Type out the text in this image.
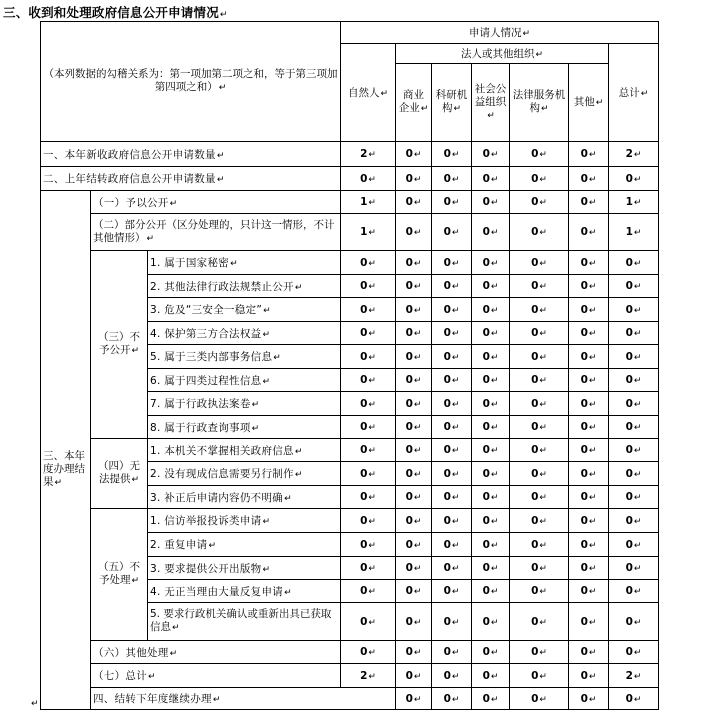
三、收到和处理政府信息公开申请情况↵
（本列数据的勾稽关系为：第一项加第二项之和，等于第三项加第四项之和）↵			申请人情况↵							
			自然人↵	法人或其他组织↵					总计↵	
				商业企业↵	科研机构↵	社会公益组织↵	法律服务机构↵	其他↵		
一、本年新收政府信息公开申请数量↵			2↵	0↵	0↵	0↵	0↵	0↵	2↵	
二、上年结转政府信息公开申请数量↵			0↵	0↵	0↵	0↵	0↵	0↵	0↵	
三、本年度办理结果↵	（一）予以公开↵		1↵	0↵	0↵	0↵	0↵	0↵	1↵	
	（二）部分公开（区分处理的，只计这一情形，不计其他情形）↵		1↵	0↵	0↵	0↵	0↵	0↵	1↵	
	（三）不予公开↵	1. 属于国家秘密↵	0↵	0↵	0↵	0↵	0↵	0↵	0↵	
		2. 其他法律行政法规禁止公开↵	0↵	0↵	0↵	0↵	0↵	0↵	0↵	
		3. 危及“三安全一稳定”↵	0↵	0↵	0↵	0↵	0↵	0↵	0↵	
		4. 保护第三方合法权益↵	0↵	0↵	0↵	0↵	0↵	0↵	0↵	
		5. 属于三类内部事务信息↵	0↵	0↵	0↵	0↵	0↵	0↵	0↵	
		6. 属于四类过程性信息↵	0↵	0↵	0↵	0↵	0↵	0↵	0↵	
		7. 属于行政执法案卷↵	0↵	0↵	0↵	0↵	0↵	0↵	0↵	
		8. 属于行政查询事项↵	0↵	0↵	0↵	0↵	0↵	0↵	0↵	
	（四）无法提供↵	1. 本机关不掌握相关政府信息↵	0↵	0↵	0↵	0↵	0↵	0↵	0↵	
		2. 没有现成信息需要另行制作↵	0↵	0↵	0↵	0↵	0↵	0↵	0↵	
		3. 补正后申请内容仍不明确↵	0↵	0↵	0↵	0↵	0↵	0↵	0↵	
	（五）不予处理↵	1. 信访举报投诉类申请↵	0↵	0↵	0↵	0↵	0↵	0↵	0↵	
		2. 重复申请↵	0↵	0↵	0↵	0↵	0↵	0↵	0↵	
		3. 要求提供公开出版物↵	0↵	0↵	0↵	0↵	0↵	0↵	0↵	
		4. 无正当理由大量反复申请↵	0↵	0↵	0↵	0↵	0↵	0↵	0↵	
		5. 要求行政机关确认或重新出具已获取信息↵	0↵	0↵	0↵	0↵	0↵	0↵	0↵	
	（六）其他处理↵		0↵	0↵	0↵	0↵	0↵	0↵	0↵	
	（七）总计↵		2↵	0↵	0↵	0↵	0↵	0↵	2↵	
	四、结转下年度继续办理↵			0↵	0↵	0↵	0↵	0↵	0↵	
↵
